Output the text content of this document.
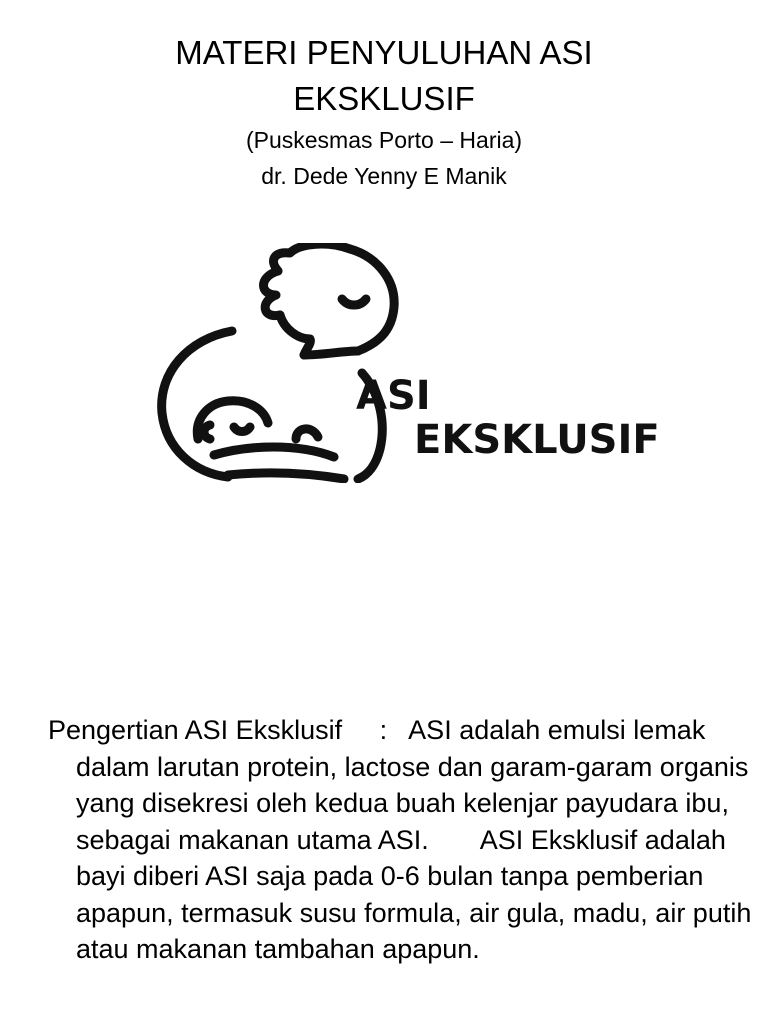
MATERI PENYULUHAN ASI EKSKLUSIF

(Puskesmas Porto – Haria)

dr. Dede Yenny E Manik

ASI
EKSKLUSIF

Pengertian ASI Eksklusif     :   ASI adalah emulsi lemak dalam larutan protein, lactose dan garam-garam organis yang disekresi oleh kedua buah kelenjar payudara ibu, sebagai makanan utama ASI.       ASI Eksklusif adalah bayi diberi ASI saja pada 0-6 bulan tanpa pemberian apapun, termasuk susu formula, air gula, madu, air putih atau makanan tambahan apapun.
